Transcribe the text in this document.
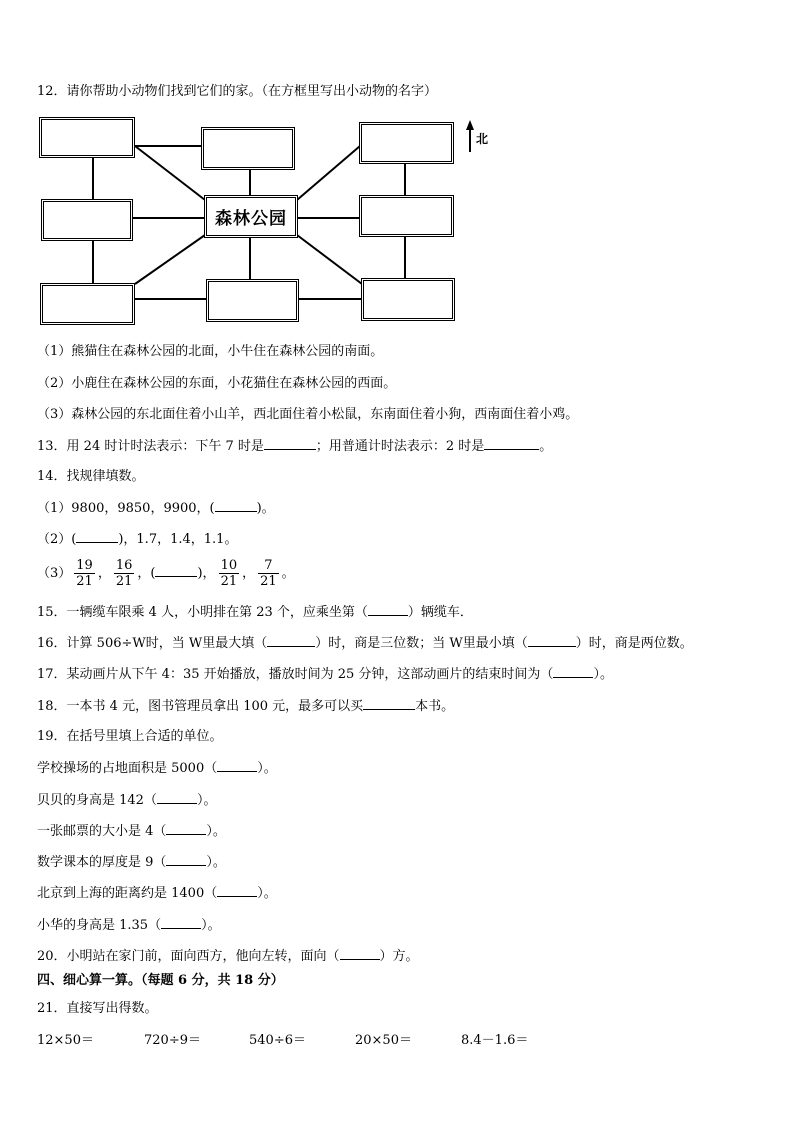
12．请你帮助小动物们找到它们的家。（在方框里写出小动物的名字）
森林公园
北
（1）熊猫住在森林公园的北面，小牛住在森林公园的南面。
（2）小鹿住在森林公园的东面，小花猫住在森林公园的西面。
（3）森林公园的东北面住着小山羊，西北面住着小松鼠，东南面住着小狗，西南面住着小鸡。
13．用 24 时计时法表示：下午 7 时是	；用普通计时法表示：2 时是	。
14．找规律填数。
（1）9800，9850，9900，(	)。
（2）(	)，1.7，1.4，1.1。
$(3) \frac{19}{21}$ ， $\frac{16}{21}$ ，(	)， $\frac{10}{21}$ ， $\frac{7}{21}$ 。
15．一辆缆车限乘 4 人，小明排在第 23 个，应乘坐第（	）辆缆车．
16．计算 506÷W时，当 W里最大填（	）时，商是三位数；当 W里最小填（	）时，商是两位数。
17．某动画片从下午 4：35 开始播放，播放时间为 25 分钟，这部动画片的结束时间为（	）。
18．一本书 4 元，图书管理员拿出 100 元，最多可以买	本书。
19．在括号里填上合适的单位。
学校操场的占地面积是 5000（	）。
贝贝的身高是 142（	）。
一张邮票的大小是 4（	）。
数学课本的厚度是 9（	）。
北京到上海的距离约是 1400（	）。
小华的身高是 1.35（	）。
20．小明站在家门前，面向西方，他向左转，面向（	）方。
四、细心算一算。（每题 6 分，共 18 分）
21．直接写出得数。
12×50＝	720÷9＝	540÷6＝	20×50＝	8.4－1.6＝
